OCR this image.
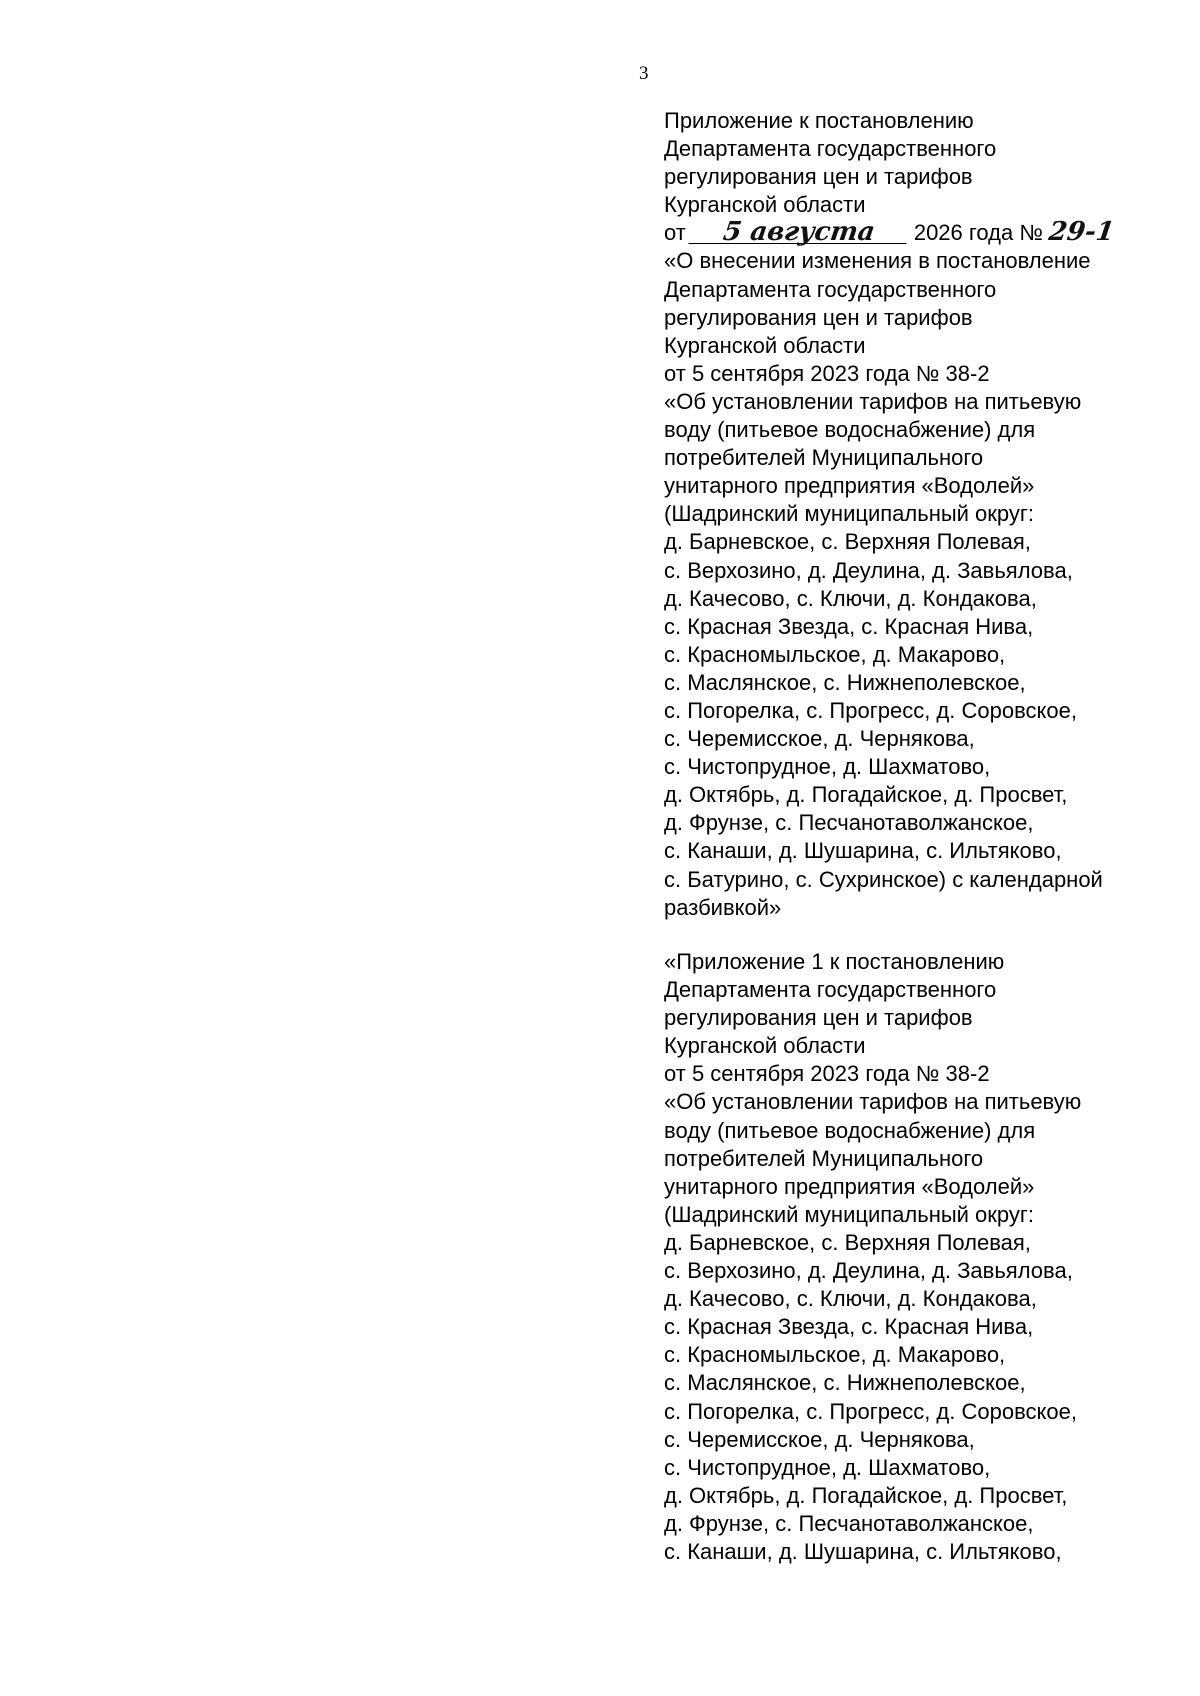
3
Приложение к постановлению
Департамента государственного
регулирования цен и тарифов
Курганской области
от 5 августа 2026 года № 29-1
«О внесении изменения в постановление
Департамента государственного
регулирования цен и тарифов
Курганской области
от 5 сентября 2023 года № 38-2
«Об установлении тарифов на питьевую
воду (питьевое водоснабжение) для
потребителей Муниципального
унитарного предприятия «Водолей»
(Шадринский муниципальный округ:
д. Барневское, с. Верхняя Полевая,
с. Верхозино, д. Деулина, д. Завьялова,
д. Качесово, с. Ключи, д. Кондакова,
с. Красная Звезда, с. Красная Нива,
с. Красномыльское, д. Макарово,
с. Маслянское, с. Нижнеполевское,
с. Погорелка, с. Прогресс, д. Соровское,
с. Черемисское, д. Чернякова,
с. Чистопрудное, д. Шахматово,
д. Октябрь, д. Погадайское, д. Просвет,
д. Фрунзе, с. Песчанотаволжанское,
с. Канаши, д. Шушарина, с. Ильтяково,
с. Батурино, с. Сухринское) с календарной
разбивкой»
«Приложение 1 к постановлению
Департамента государственного
регулирования цен и тарифов
Курганской области
от 5 сентября 2023 года № 38-2
«Об установлении тарифов на питьевую
воду (питьевое водоснабжение) для
потребителей Муниципального
унитарного предприятия «Водолей»
(Шадринский муниципальный округ:
д. Барневское, с. Верхняя Полевая,
с. Верхозино, д. Деулина, д. Завьялова,
д. Качесово, с. Ключи, д. Кондакова,
с. Красная Звезда, с. Красная Нива,
с. Красномыльское, д. Макарово,
с. Маслянское, с. Нижнеполевское,
с. Погорелка, с. Прогресс, д. Соровское,
с. Черемисское, д. Чернякова,
с. Чистопрудное, д. Шахматово,
д. Октябрь, д. Погадайское, д. Просвет,
д. Фрунзе, с. Песчанотаволжанское,
с. Канаши, д. Шушарина, с. Ильтяково,
